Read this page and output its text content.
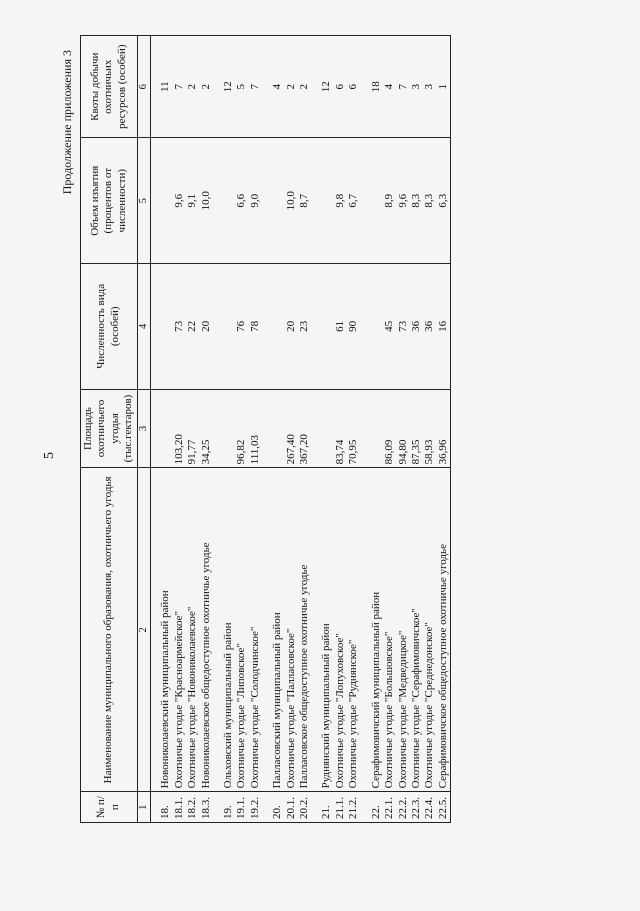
5
Продолжение приложения 3
№ п/п	Наименование муниципального образования, охотничьего угодья	Площадь охотничьего угодья (тыс.гектаров)	Численность вида (особей)	Объем изъятия (процентов от численности)	Квоты добычи охотничьих ресурсов (особей)
1	2	3	4	5	6
18.	Новониколаевский муниципальный район				11
18.1.	Охотничье угодье "Красноармейское"	103,20	73	9,6	7
18.2.	Охотничье угодье "Новониколаевское"	91,77	22	9,1	2
18.3.	Новониколаевское общедоступное охотничье угодье	34,25	20	10,0	2

19.	Ольховский муниципальный район				12
19.1.	Охотничье угодье "Липовское"	96,82	76	6,6	5
19.2.	Охотничье угодье "Солодчинское"	111,03	78	9,0	7

20.	Палласовский муниципальный район				4
20.1.	Охотничье угодье "Палласовское"	267,40	20	10,0	2
20.2.	Палласовское общедоступное охотничье угодье	367,20	23	8,7	2

21.	Руднянский муниципальный район				12
21.1.	Охотничье угодье "Лопуховское"	83,74	61	9,8	6
21.2.	Охотничье угодье "Руднянское"	70,95	90	6,7	6

22.	Серафимовичский муниципальный район				18
22.1.	Охотничье угодье "Большовское"	86,09	45	8,9	4
22.2.	Охотничье угодье "Медведицкое"	94,80	73	9,6	7
22.3.	Охотничье угодье "Серафимовичское"	87,35	36	8,3	3
22.4.	Охотничье угодье "Среднедонское"	58,93	36	8,3	3
22.5.	Серафимовичское общедоступное охотничье угодье	36,96	16	6,3	1
